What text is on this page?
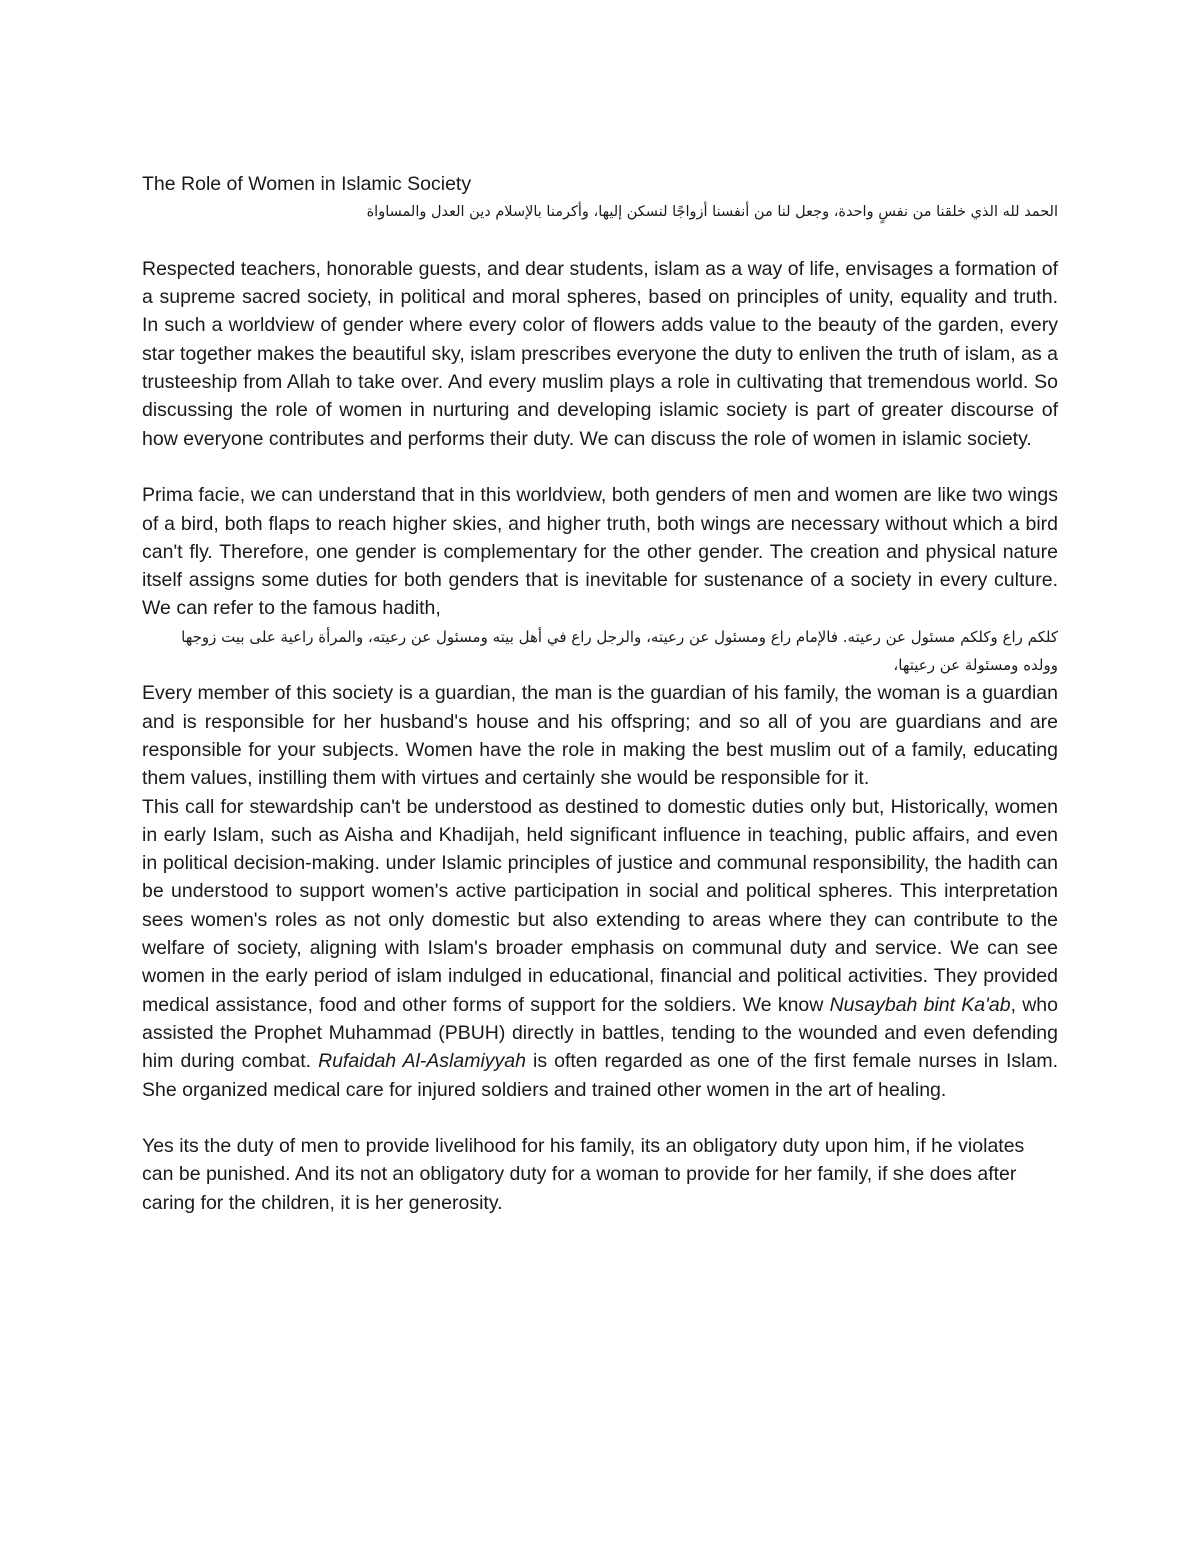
The Role of Women in Islamic Society

الحمد لله الذي خلقنا من نفسٍ واحدة، وجعل لنا من أنفسنا أزواجًا لنسكن إليها، وأكرمنا بالإسلام دين العدل والمساواة

Respected teachers, honorable guests, and dear students, islam as a way of life, envisages a formation of a supreme sacred society, in political and moral spheres, based on principles of unity, equality and truth. In such a worldview of gender where every color of flowers adds value to the beauty of the garden, every star together makes the beautiful sky, islam prescribes everyone the duty to enliven the truth of islam, as a trusteeship from Allah to take over. And every muslim plays a role in cultivating that tremendous world. So discussing the role of women in nurturing and developing islamic society is part of greater discourse of how everyone contributes and performs their duty. We can discuss the role of women in islamic society.

Prima facie, we can understand that in this worldview, both genders of men and women are like two wings of a bird, both flaps to reach higher skies, and higher truth, both wings are necessary without which a bird can't fly. Therefore, one gender is complementary for the other gender. The creation and physical nature itself assigns some duties for both genders that is inevitable for sustenance of a society in every culture. We can refer to the famous hadith,

كلكم راع وكلكم مسئول عن رعيته. فالإمام راع ومسئول عن رعيته، والرجل راع في أهل بيته ومسئول عن رعيته، والمرأة راعية على بيت زوجها وولده ومسئولة عن رعيتها،

Every member of this society is a guardian, the man is the guardian of his family, the woman is a guardian and is responsible for her husband's house and his offspring; and so all of you are guardians and are responsible for your subjects. Women have the role in making the best muslim out of a family, educating them values, instilling them with virtues and certainly she would be responsible for it.

This call for stewardship can't be understood as destined to domestic duties only but, Historically, women in early Islam, such as Aisha and Khadijah, held significant influence in teaching, public affairs, and even in political decision-making. under Islamic principles of justice and communal responsibility, the hadith can be understood to support women's active participation in social and political spheres. This interpretation sees women's roles as not only domestic but also extending to areas where they can contribute to the welfare of society, aligning with Islam's broader emphasis on communal duty and service. We can see women in the early period of islam indulged in educational, financial and political activities. They provided medical assistance, food and other forms of support for the soldiers. We know Nusaybah bint Ka'ab, who assisted the Prophet Muhammad (PBUH) directly in battles, tending to the wounded and even defending him during combat. Rufaidah Al-Aslamiyyah is often regarded as one of the first female nurses in Islam. She organized medical care for injured soldiers and trained other women in the art of healing.

Yes its the duty of men to provide livelihood for his family, its an obligatory duty upon him, if he violates can be punished. And its not an obligatory duty for a woman to provide for her family, if she does after caring for the children, it is her generosity.
